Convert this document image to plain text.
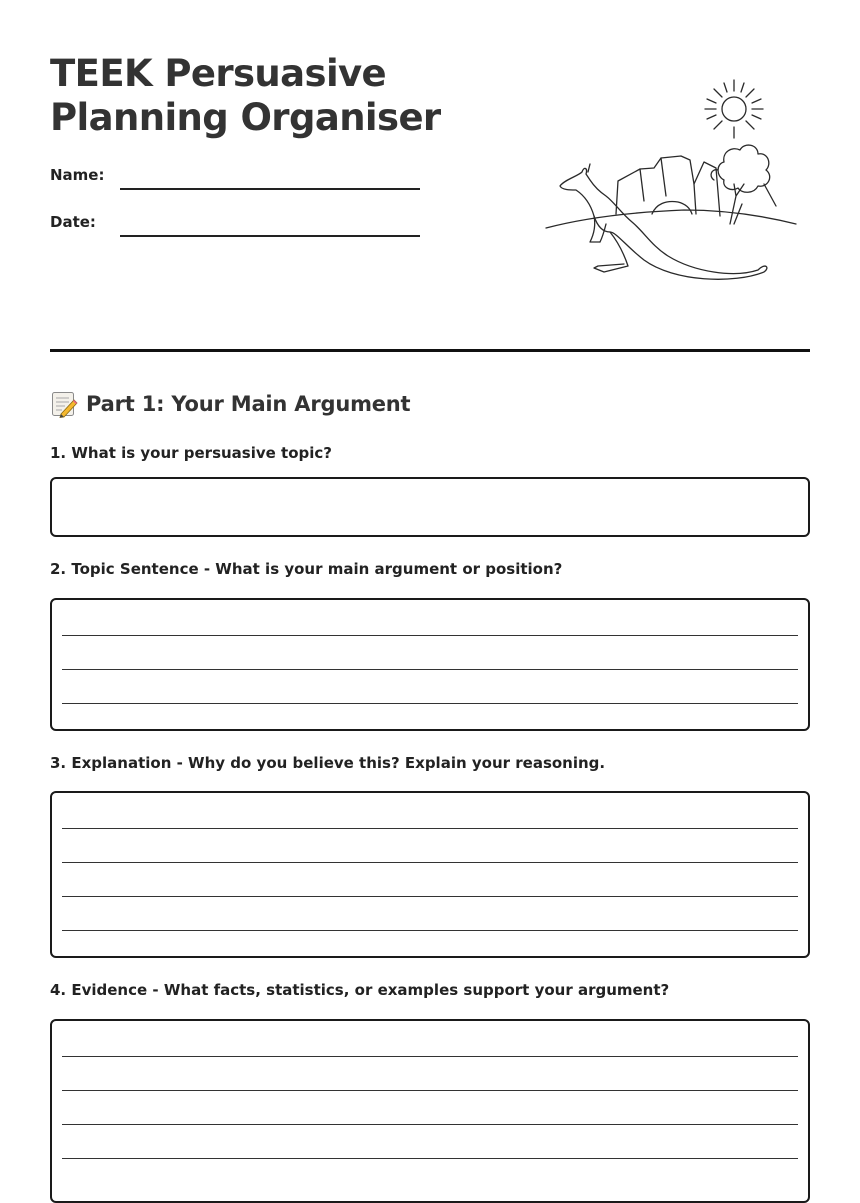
TEEK Persuasive
Planning Organiser
Name:
Date:
Part 1: Your Main Argument
1. What is your persuasive topic?
2. Topic Sentence - What is your main argument or position?
3. Explanation - Why do you believe this? Explain your reasoning.
4. Evidence - What facts, statistics, or examples support your argument?
